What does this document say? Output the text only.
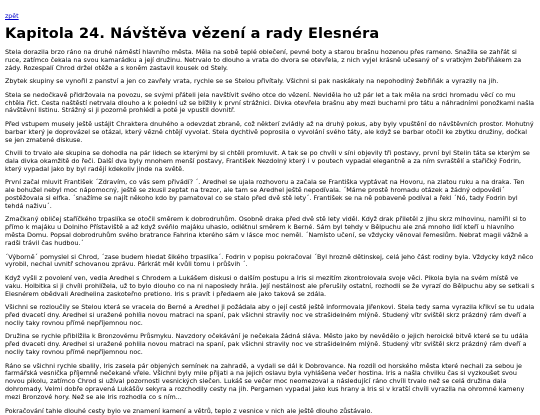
zpět
Kapitola 24. Návštěva vězení a rady Elesnéra

Stela dorazila brzo ráno na druhé náměstí hlavního města. Měla na sobě teplé oblečení, pevné boty a starou brašnu hozenou přes rameno. Snažila se zahřát si ruce, zatímco čekala na svou kamarádku a její družinu. Netrvalo to dlouho a vrata do dvora se otevřela, z nich vyjel krásně učesaný oř s vratkým žebříňákem za zády. Rozespalí Chrod držel otěže a s koněm zastavil kousek od Stely.

Zbytek skupiny se vynořil z panství a jen co zavřely vrata, rychle se se Stelou přivítaly. Všichni si pak naskákaly na nepohodlný žebřiňák a vyrazily na jih.

Stela se nedočkavě přidržovala na povozu, se svými přáteli jela navštívit svého otce do vězení. Neviděla ho už pár let a tak měla na srdci hromadu věcí co mu chtěla říct. Cesta naštěstí netrvala dlouho a k polední už se blížily k první strážnici. Divka otevřela brašnu aby mezi bucharni pro tátu a náhradními ponožkami našla návštěvní listinu. Strážný si ji pozorně prohlédl a poté je vpustil dovnitř.

Před vstupem musely ještě ustájit Chraktera dnuhého a odevzdat zbraně, což některí zvládly až na druhý pokus, aby byly vpuštění do návštěvních prostor. Mohutný barbar který je doprovázel se otázal, který vězně chtějí vyvolat. Stela dychtivě poprosila o vyvolání svého táty, ale když se barbar otočil ke zbytku družiny, dočkal se jen zmatené diskuse.

Chvili to trvalo ale skupina se dohodla na pár lidech se kterými by si chtěli promluvit. A tak se po chvíli v síni objevily tři postavy, první byl Stelin táta se kterým se dala divka okamžitě do řeči. Další dva byly mnohem menší postavy, František Nezdolný který i v poutech vypadal elegantně a za ním svraštělí a stařičký Fodrin, který vypadal jako by byl radějí kdekoliv jinde na světě.

První začal mluvit František ´Zdravím, co vás sem přivádí? ´. Aredhel se ujala rozhovoru a začala se Františka vyptávat na Hovoru, na zlatou ruku a na draka. Ten ale bohužel nebyl moc nápomocný, ještě se zkusil zeptat na trezor, ale tam se Aredhel ještě nepodívala. ´Máme prostě hromadu otázek a žádný odpovědi´ postěžovala si elfka. ´snažíme se najít někoho kdo by pamatoval co se stalo před dvě stě lety´. František se na ně pobaveně podíval a řekl ´Nó, tady Fodrin byl tehdá naživu´.

Zmačkaný obličej staříčkého trpaslíka se otočil směrem k dobrodruhům. Osobně draka před dvě stě lety viděl. Když drak přiletěl z jihu skrz mlhovinu, namířil si to přímo k majáku u Dolniho Přístaviště a až když svéňlo majáku uhaslo, odlétnul směrem k Berné. Sám byl tehdy v Bělpuchu ale zná mnoho lidí kteří u hlavního města Domu. Popsal dobrodruhům svého bratrance Fahrina kterého sám v lásce moc neměl. ´Namísto učení, se vždycky věnoval řemeslům. Nebrat magii vážně a radši trávil čas hudbou.´

´Výborně´ pomyslel si Chrod, ´zase budem hledat šikého trpaslíka´. Fodrin v popisu pokračoval ´Byl hrozně dětinskej, celá jeho část rodiny byla. Vždycky když něco vyrobil, nechal uvnitř schovanou zprávu. Párkrát měl kvůli tomu i průšvih ´.

Když vyšli z povolení ven, vedla Aredhel s Chrodem a Lukášem diskusi o dalším postupu a Iris si mezitím zkontrolovala svoje věci. Pikola byla na svém místě ve vaku. Holbitka si ji chvíli prohlížela, už to bylo dlouho co na ni naposledy hrála. Její nestálnost ale přerušily ostatní, rozhodli se že vyrazí do Bělpuchu aby se setkali s Elesnérem obědvali Aredhelina zaskoteřno pretiono. Iris s pravít i předaem ale jako taková se zdála.

Všichni se rozloučily se Stelou která se vracela do Berné a Aredhel ji požádala aby o její cestě ještě informovala Jiřenkovi. Stela tedy sama vyrazila křikví se tu udala před dvacetí dny. Aredhel si uražené pohlíla novou matraci na spaní, pak všichni stravily noc ve strašidelném mlýně. Studený vítr svištěl skrz prázdný rám dveří a nocliy taky rovnou přímé nepříjemnou noc.

Družina se rychle přiblížila k Bronzovému Průsmyku. Navzdory očekávání je nečekala žádná sláva. Město jako by nevědělo o jejich heroické bitvě které se tu udála před dvaceti dny. Aredhel si uražené pohlila novou matraci na spaní, pak všichni stravily noc ve strašidelném mlýně. Studený vítr svištěl skrz prázdný rám dveří a nocliy taky rovnou přímé nepříjemnou noc.

Ráno se všichni rychle sbalily, Iris zasela pár objených semínek na zahradě, a vydali se dál k Dobrovance. Na rozdíl od horského města které nechali za sebou je farmářská vesnička příjemně nečekané vřele. Všichni byly mile přijati a na jejich oslavu byla vyhlášena večer hostina. Iris a našla chvilku čas si vyzkoušet svou novou pikolu, zatímco Chrod si užíval pozornosti vesnických slečen. Lukáš se večer moc neomezoval a následující ráno chvíli trvalo než se celá družina dala dohromady. Velmi dobře opravená Lukášův sekyra a rozchodily cesty na jih. Pergamen vypadal jako kus hrany a Iris si v kratší chvíli vyrazila na ohromné kameny mezi Bronzové hory. Než se ale Iris rozhodla co s ním...

Pokračování tahle dlouhé cesty bylo ve znamení kamení a větrů, teplo z vesnice v nich ale ještě dlouho zůstávalo.
